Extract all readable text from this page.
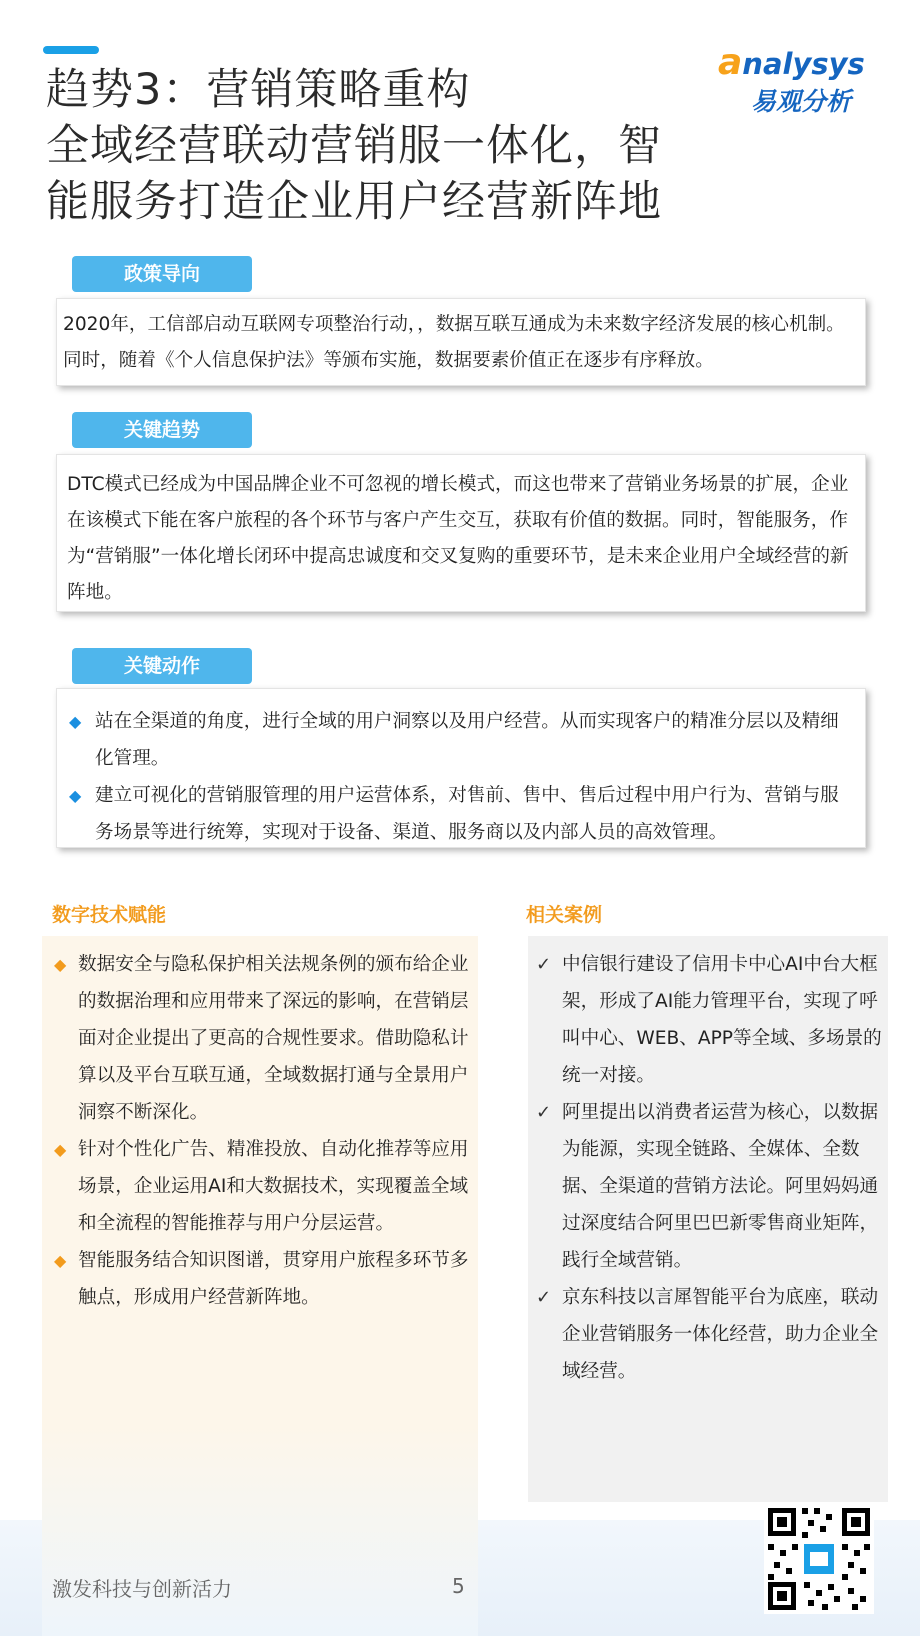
趋势3：营销策略重构
全域经营联动营销服一体化，智
能服务打造企业用户经营新阵地
analysys
易观分析
政策导向

2020年，工信部启动互联网专项整治行动，，数据互联互通成为未来数字经济发展的核心机制。同时，随着《个人信息保护法》等颁布实施，数据要素价值正在逐步有序释放。

关键趋势

DTC模式已经成为中国品牌企业不可忽视的增长模式，而这也带来了营销业务场景的扩展，企业在该模式下能在客户旅程的各个环节与客户产生交互，获取有价值的数据。同时，智能服务，作为“营销服”一体化增长闭环中提高忠诚度和交叉复购的重要环节，是未来企业用户全域经营的新阵地。

关键动作
◆ 站在全渠道的角度，进行全域的用户洞察以及用户经营。从而实现客户的精准分层以及精细化管理。
◆ 建立可视化的营销服管理的用户运营体系，对售前、售中、售后过程中用户行为、营销与服务场景等进行统筹，实现对于设备、渠道、服务商以及内部人员的高效管理。
数字技术赋能	相关案例
◆ 数据安全与隐私保护相关法规条例的颁布给企业的数据治理和应用带来了深远的影响，在营销层面对企业提出了更高的合规性要求。借助隐私计算以及平台互联互通，全域数据打通与全景用户洞察不断深化。
◆ 针对个性化广告、精准投放、自动化推荐等应用场景，企业运用AI和大数据技术，实现覆盖全域和全流程的智能推荐与用户分层运营。
◆ 智能服务结合知识图谱，贯穿用户旅程多环节多触点，形成用户经营新阵地。
✓ 中信银行建设了信用卡中心AI中台大框架，形成了AI能力管理平台，实现了呼叫中心、WEB、APP等全域、多场景的统一对接。
✓ 阿里提出以消费者运营为核心，以数据为能源，实现全链路、全媒体、全数据、全渠道的营销方法论。阿里妈妈通过深度结合阿里巴巴新零售商业矩阵，践行全域营销。
✓ 京东科技以言犀智能平台为底座，联动企业营销服务一体化经营，助力企业全域经营。
激发科技与创新活力	5
